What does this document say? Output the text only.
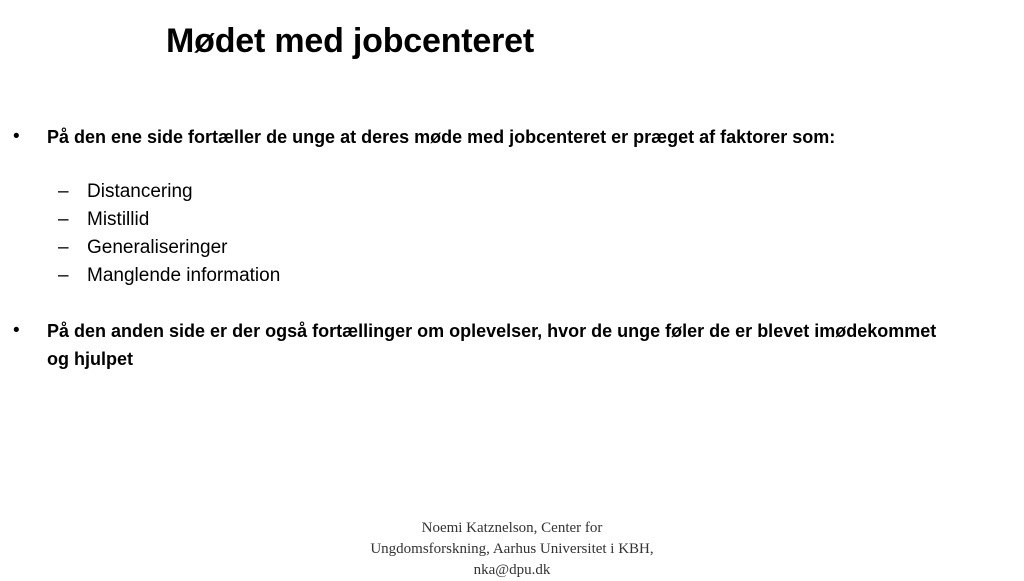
Mødet med jobcenteret
• På den ene side fortæller de unge at deres møde med jobcenteret er præget af faktorer som:
– Distancering
– Mistillid
– Generaliseringer
– Manglende information
• På den anden side er der også fortællinger om oplevelser, hvor de unge føler de er blevet imødekommet og hjulpet
Noemi Katznelson, Center for Ungdomsforskning, Aarhus Universitet i KBH, nka@dpu.dk
